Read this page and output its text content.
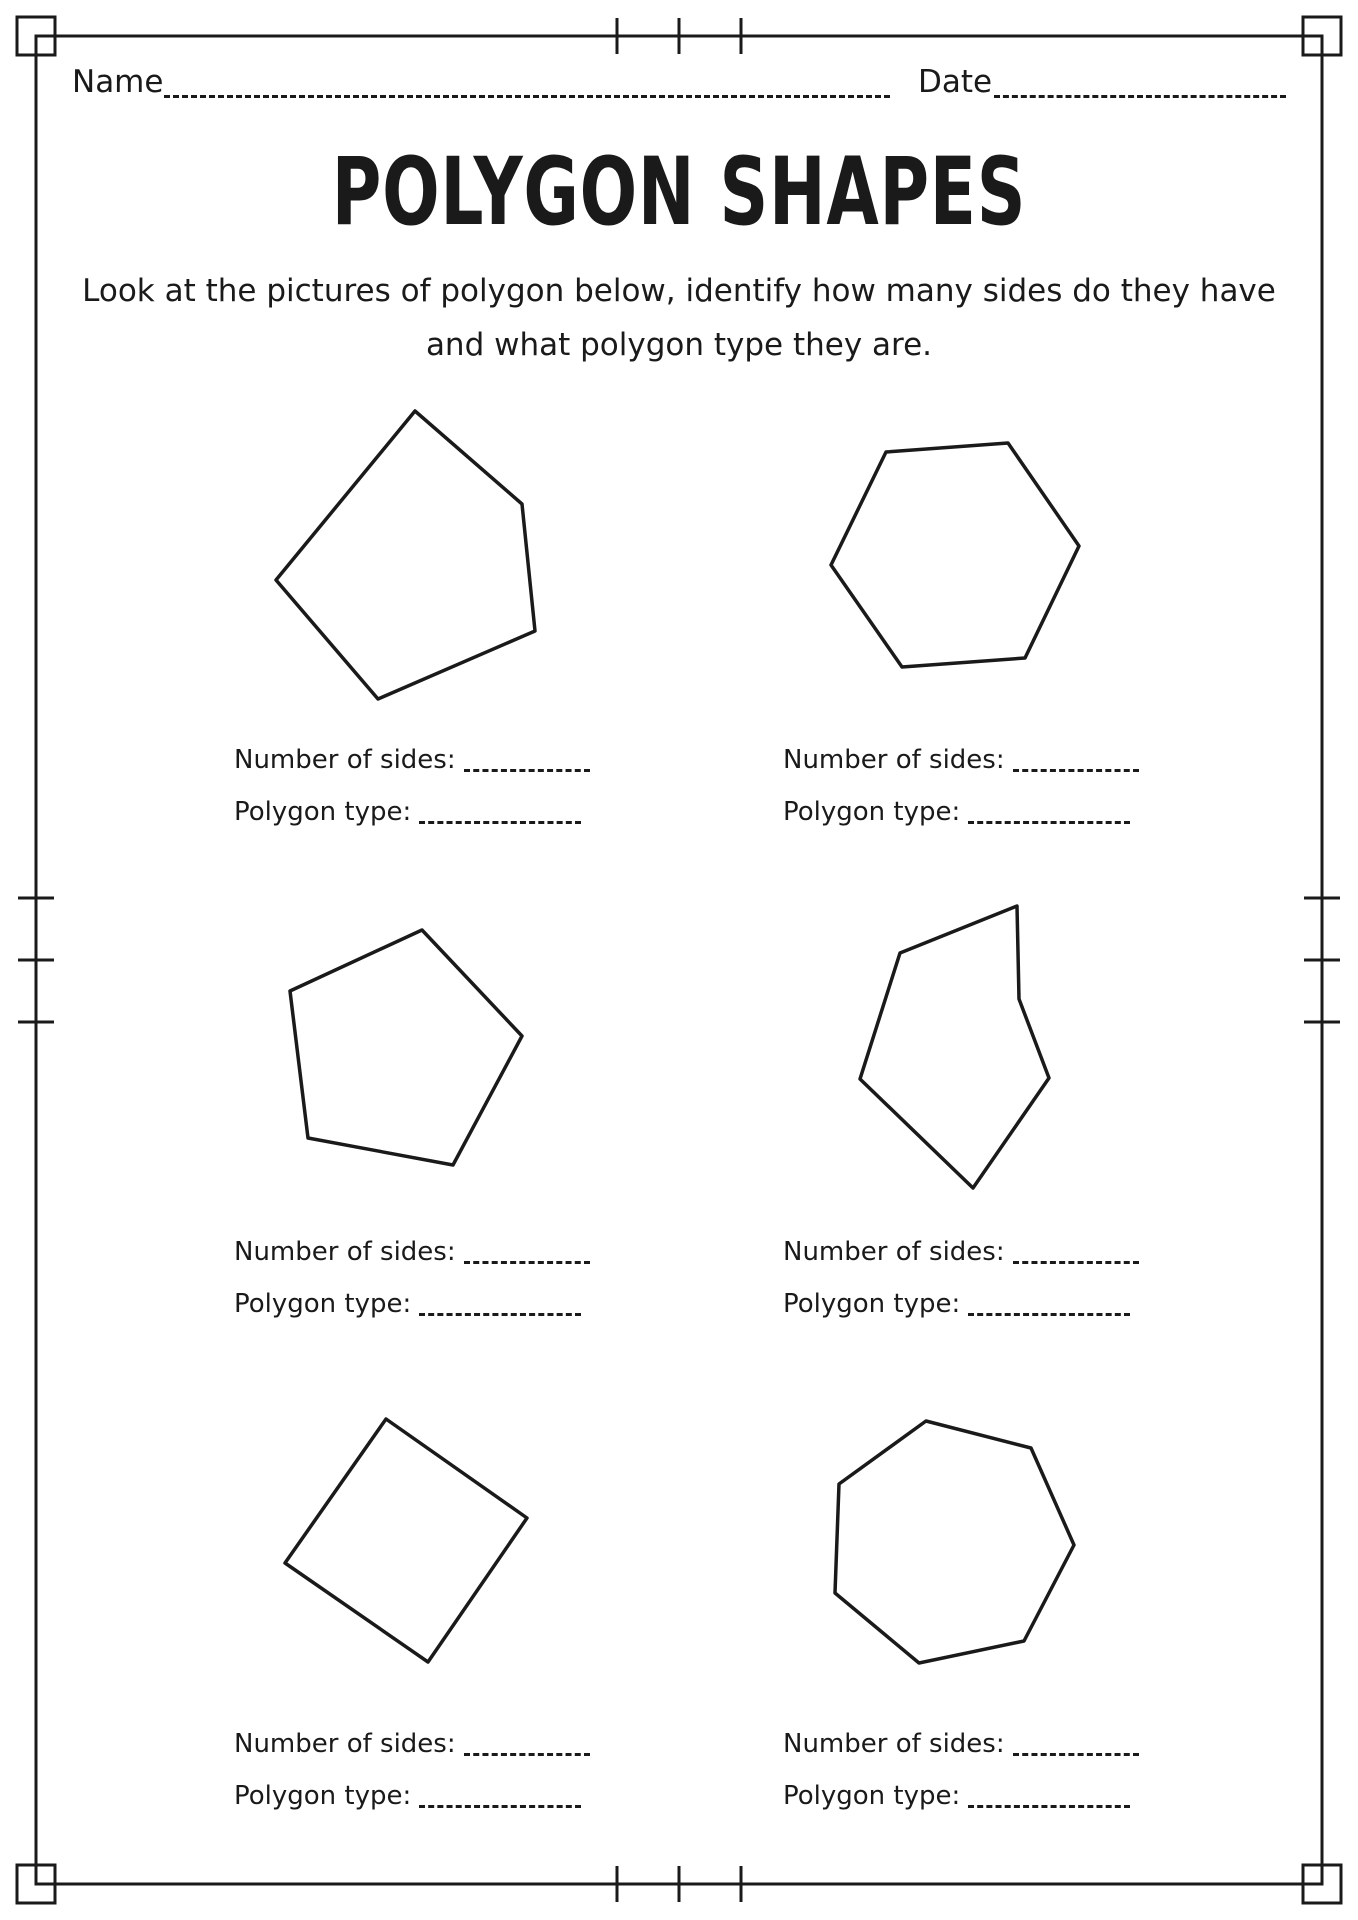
Name	Date
POLYGON SHAPES
Look at the pictures of polygon below, identify how many sides do they have and what polygon type they are.
Number of sides:
Polygon type:
Number of sides:
Polygon type:
Number of sides:
Polygon type:
Number of sides:
Polygon type:
Number of sides:
Polygon type:
Number of sides:
Polygon type:
